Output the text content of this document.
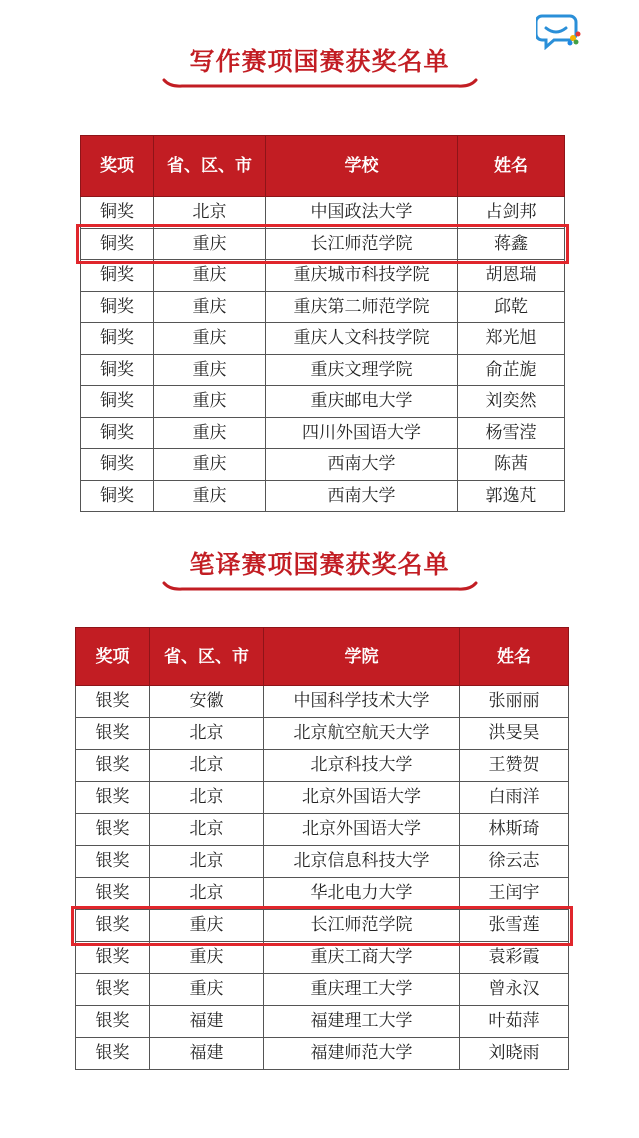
写作赛项国赛获奖名单
奖项	省、区、市	学校	姓名
铜奖	北京	中国政法大学	占剑邦
铜奖	重庆	长江师范学院	蒋鑫
铜奖	重庆	重庆城市科技学院	胡恩瑞
铜奖	重庆	重庆第二师范学院	邱乾
铜奖	重庆	重庆人文科技学院	郑光旭
铜奖	重庆	重庆文理学院	俞芷旎
铜奖	重庆	重庆邮电大学	刘奕然
铜奖	重庆	四川外国语大学	杨雪滢
铜奖	重庆	西南大学	陈茜
铜奖	重庆	西南大学	郭逸芃
笔译赛项国赛获奖名单
奖项	省、区、市	学院	姓名
银奖	安徽	中国科学技术大学	张丽丽
银奖	北京	北京航空航天大学	洪旻昊
银奖	北京	北京科技大学	王赞贺
银奖	北京	北京外国语大学	白雨洋
银奖	北京	北京外国语大学	林斯琦
银奖	北京	北京信息科技大学	徐云志
银奖	北京	华北电力大学	王闰宇
银奖	重庆	长江师范学院	张雪莲
银奖	重庆	重庆工商大学	袁彩霞
银奖	重庆	重庆理工大学	曾永汉
银奖	福建	福建理工大学	叶茹萍
银奖	福建	福建师范大学	刘晓雨
